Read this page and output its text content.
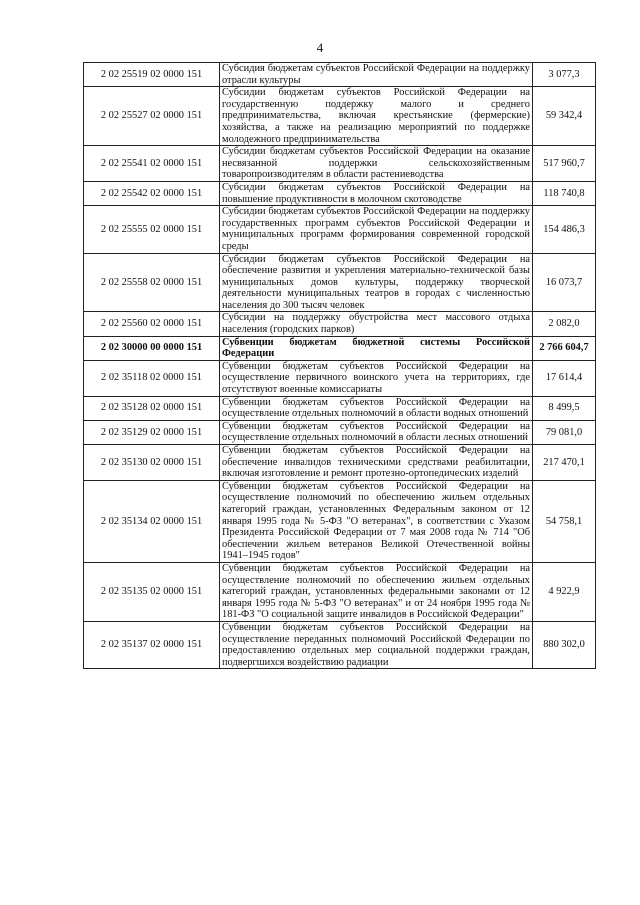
4
2 02 25519 02 0000 151	Субсидия бюджетам субъектов Российской Федерации на поддержку отрасли культуры	3 077,3
2 02 25527 02 0000 151	Субсидии бюджетам субъектов Российской Федерации на государственную поддержку малого и среднего предпринимательства, включая крестьянские (фермерские) хозяйства, а также на реализацию мероприятий по поддержке молодежного предпринимательства	59 342,4
2 02 25541 02 0000 151	Субсидии бюджетам субъектов Российской Федерации на оказание несвязанной поддержки сельскохозяйственным товаропроизводителям в области растениеводства	517 960,7
2 02 25542 02 0000 151	Субсидии бюджетам субъектов Российской Федерации на повышение продуктивности в молочном скотоводстве	118 740,8
2 02 25555 02 0000 151	Субсидии бюджетам субъектов Российской Федерации на поддержку государственных программ субъектов Российской Федерации и муниципальных программ формирования современной городской среды	154 486,3
2 02 25558 02 0000 151	Субсидии бюджетам субъектов Российской Федерации на обеспечение развития и укрепления материально-технической базы муниципальных домов культуры, поддержку творческой деятельности муниципальных театров в городах с численностью населения до 300 тысяч человек	16 073,7
2 02 25560 02 0000 151	Субсидии на поддержку обустройства мест массового отдыха населения (городских парков)	2 082,0
2 02 30000 00 0000 151	Субвенции бюджетам бюджетной системы Российской Федерации	2 766 604,7
2 02 35118 02 0000 151	Субвенции бюджетам субъектов Российской Федерации на осуществление первичного воинского учета на территориях, где отсутствуют военные комиссариаты	17 614,4
2 02 35128 02 0000 151	Субвенции бюджетам субъектов Российской Федерации на осуществление отдельных полномочий в области водных отношений	8 499,5
2 02 35129 02 0000 151	Субвенции бюджетам субъектов Российской Федерации на осуществление отдельных полномочий в области лесных отношений	79 081,0
2 02 35130 02 0000 151	Субвенции бюджетам субъектов Российской Федерации на обеспечение инвалидов техническими средствами реабилитации, включая изготовление и ремонт протезно-ортопедических изделий	217 470,1
2 02 35134 02 0000 151	Субвенции бюджетам субъектов Российской Федерации на осуществление полномочий по обеспечению жильем отдельных категорий граждан, установленных Федеральным законом от 12 января 1995 года № 5-ФЗ "О ветеранах", в соответствии с Указом Президента Российской Федерации от 7 мая 2008 года № 714 "Об обеспечении жильем ветеранов Великой Отечественной войны 1941–1945 годов"	54 758,1
2 02 35135 02 0000 151	Субвенции бюджетам субъектов Российской Федерации на осуществление полномочий по обеспечению жильем отдельных категорий граждан, установленных федеральными законами от 12 января 1995 года № 5-ФЗ "О ветеранах" и от 24 ноября 1995 года № 181-ФЗ "О социальной защите инвалидов в Российской Федерации"	4 922,9
2 02 35137 02 0000 151	Субвенции бюджетам субъектов Российской Федерации на осуществление переданных полномочий Российской Федерации по предоставлению отдельных мер социальной поддержки граждан, подвергшихся воздействию радиации	880 302,0
